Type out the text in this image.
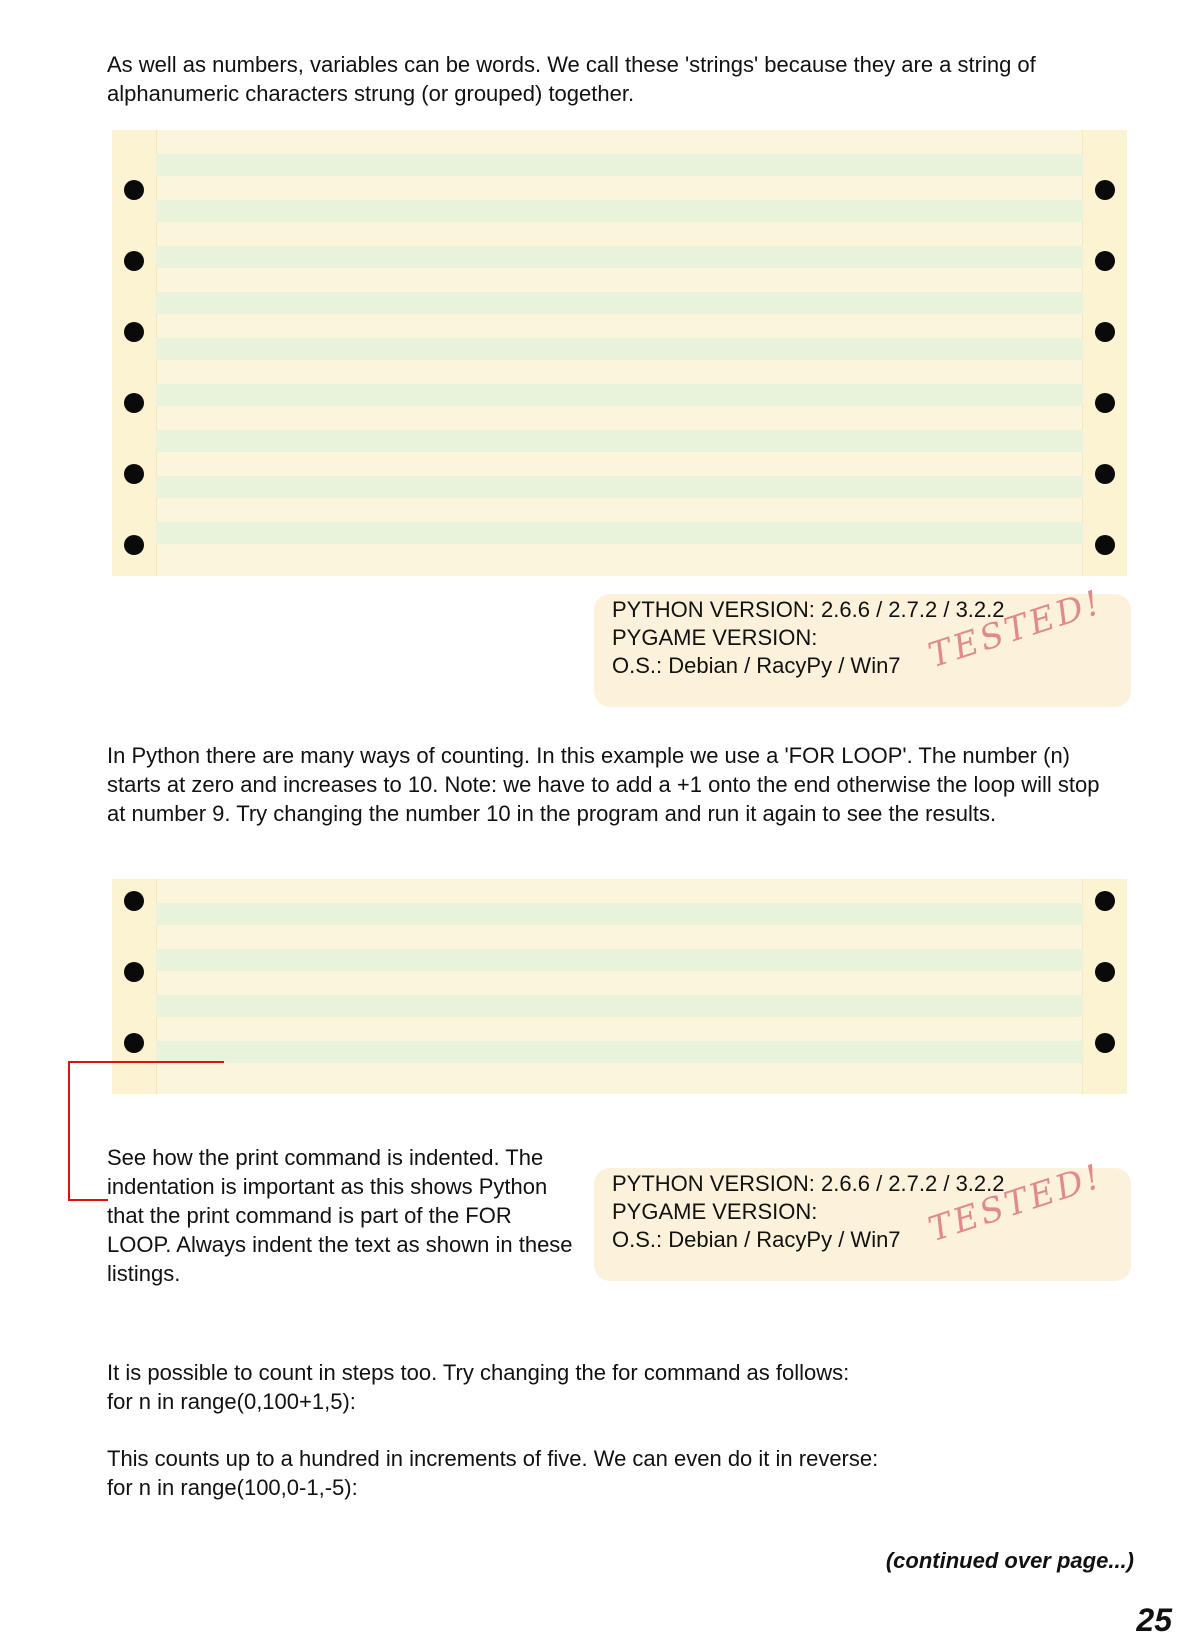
As well as numbers, variables can be words. We call these 'strings' because they are a string of alphanumeric characters strung (or grouped) together.

PYTHON VERSION: 2.6.6 / 2.7.2 / 3.2.2
PYGAME VERSION:
O.S.: Debian / RacyPy / Win7 TESTED!

In Python there are many ways of counting. In this example we use a 'FOR LOOP'. The number (n) starts at zero and increases to 10. Note: we have to add a +1 onto the end otherwise the loop will stop at number 9. Try changing the number 10 in the program and run it again to see the results.

See how the print command is indented. The indentation is important as this shows Python that the print command is part of the FOR LOOP. Always indent the text as shown in these listings.

PYTHON VERSION: 2.6.6 / 2.7.2 / 3.2.2
PYGAME VERSION:
O.S.: Debian / RacyPy / Win7 TESTED!

It is possible to count in steps too. Try changing the for command as follows:

for n in range(0,100+1,5):

This counts up to a hundred in increments of five. We can even do it in reverse:

for n in range(100,0-1,-5):

(continued over page...)
25
